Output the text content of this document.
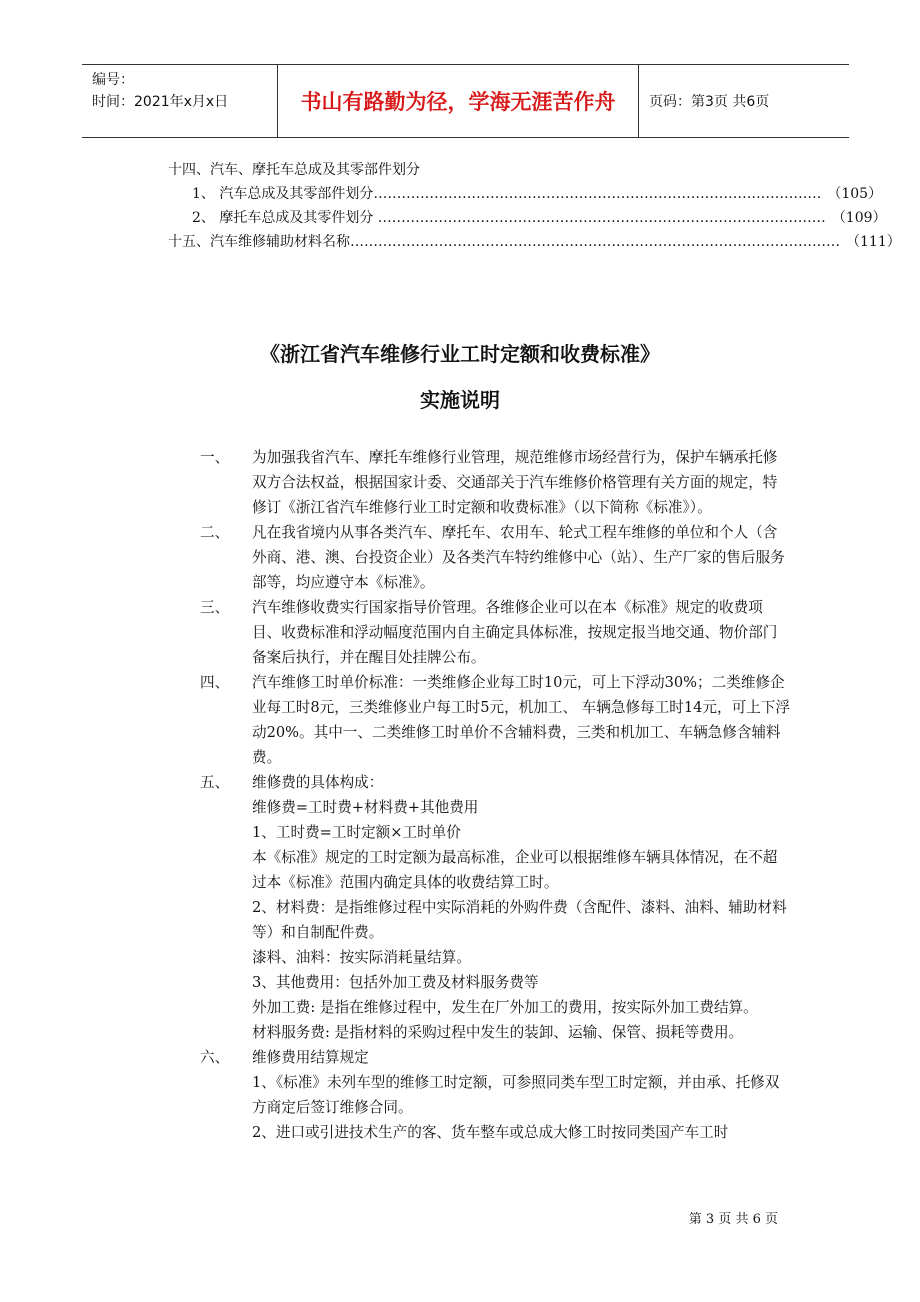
编号：
时间：2021年x月x日	书山有路勤为径，学海无涯苦作舟	页码：第3页 共6页
十四、汽车、摩托车总成及其零部件划分
1、 汽车总成及其零部件划分 …………………………………………………………………………………… （105）
2、 摩托车总成及其零件划分 …………………………………………………………………………………… （109）
十五、汽车维修辅助材料名称 …………………………………………………………………………………………… （111）
《浙江省汽车维修行业工时定额和收费标准》
实施说明
一、	为加强我省汽车、摩托车维修行业管理，规范维修市场经营行为，保护车辆承托修双方合法权益，根据国家计委、交通部关于汽车维修价格管理有关方面的规定，特修订《浙江省汽车维修行业工时定额和收费标准》（以下简称《标准》）。
二、	凡在我省境内从事各类汽车、摩托车、农用车、轮式工程车维修的单位和个人（含外商、港、澳、台投资企业）及各类汽车特约维修中心（站）、生产厂家的售后服务部等，均应遵守本《标准》。
三、	汽车维修收费实行国家指导价管理。各维修企业可以在本《标准》规定的收费项目、收费标准和浮动幅度范围内自主确定具体标准，按规定报当地交通、物价部门备案后执行，并在醒目处挂牌公布。
四、	汽车维修工时单价标准：一类维修企业每工时10元，可上下浮动30%；二类维修企业每工时8元，三类维修业户每工时5元，机加工、 车辆急修每工时14元，可上下浮动20%。其中一、二类维修工时单价不含辅料费，三类和机加工、车辆急修含辅料费。
五、	维修费的具体构成：
维修费=工时费+材料费+其他费用
1、工时费=工时定额×工时单价
本《标准》规定的工时定额为最高标准，企业可以根据维修车辆具体情况，在不超过本《标准》范围内确定具体的收费结算工时。
2、材料费：是指维修过程中实际消耗的外购件费（含配件、漆料、油料、辅助材料等）和自制配件费。
漆料、油料：按实际消耗量结算。
3、其他费用：包括外加工费及材料服务费等
外加工费: 是指在维修过程中，发生在厂外加工的费用，按实际外加工费结算。
材料服务费: 是指材料的采购过程中发生的装卸、运输、保管、损耗等费用。
六、	维修费用结算规定
1、《标准》未列车型的维修工时定额，可参照同类车型工时定额，并由承、托修双方商定后签订维修合同。
2、进口或引进技术生产的客、货车整车或总成大修工时按同类国产车工时
第 3 页 共 6 页
